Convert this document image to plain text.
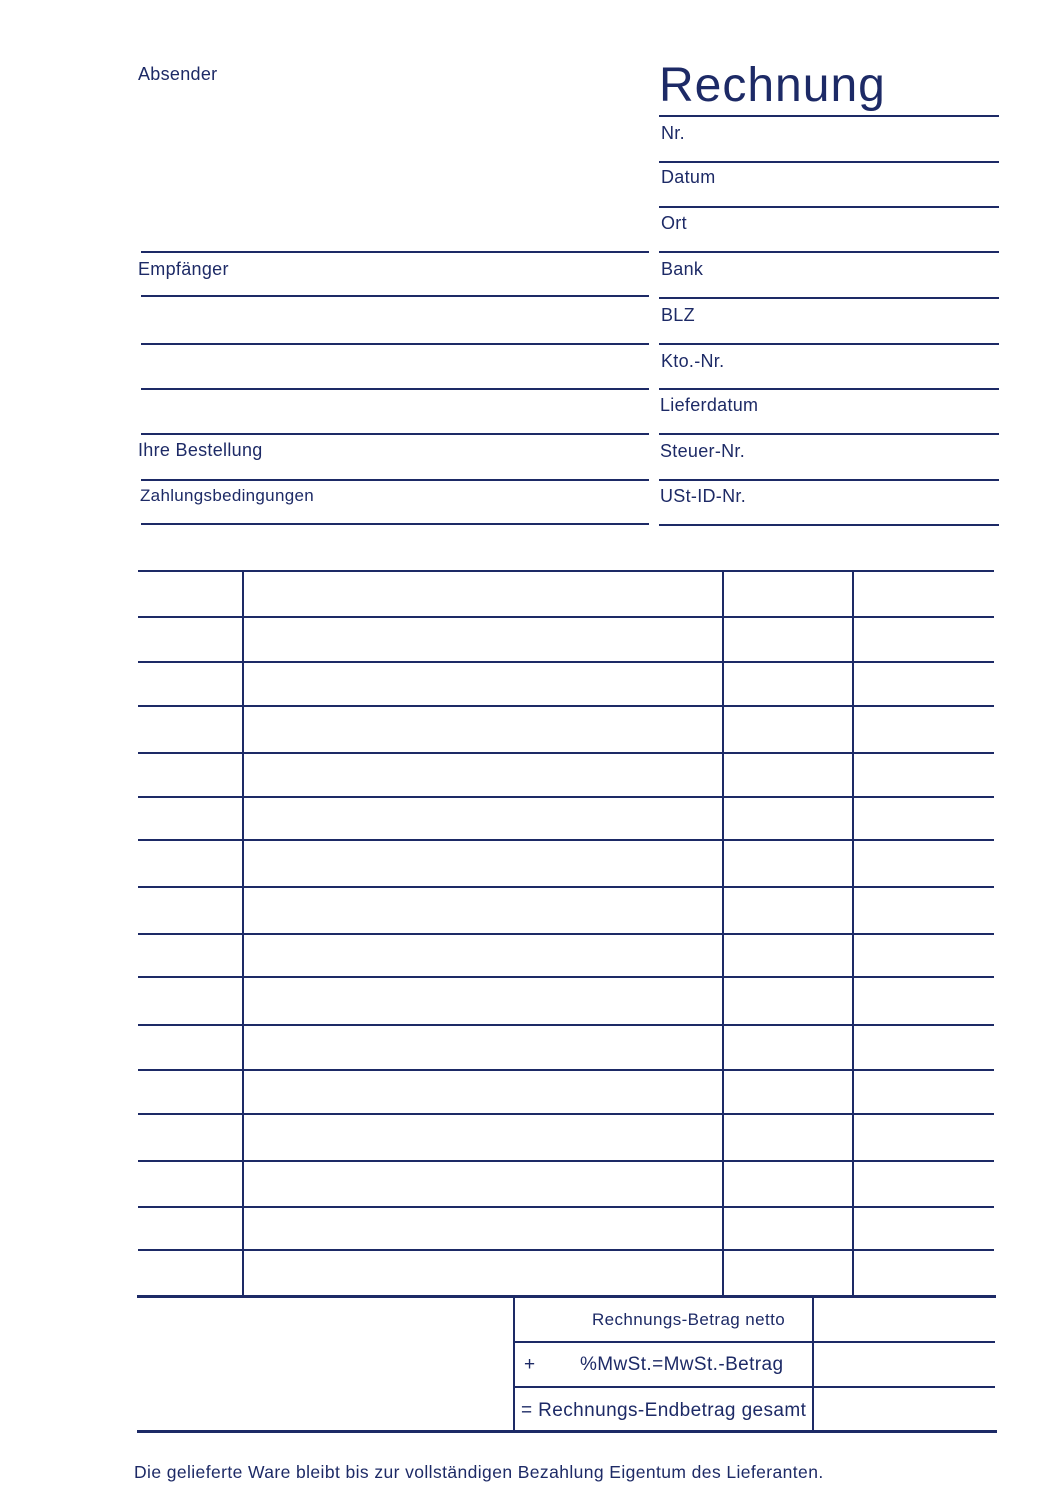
Absender	Rechnung
Nr.
Datum
Ort
Bank
BLZ
Kto.-Nr.
Lieferdatum
Steuer-Nr.
USt-ID-Nr.
Empfänger
Ihre Bestellung
Zahlungsbedingungen
Rechnungs-Betrag netto
+ %MwSt.=MwSt.-Betrag
= Rechnungs-Endbetrag gesamt
Die gelieferte Ware bleibt bis zur vollständigen Bezahlung Eigentum des Lieferanten.
